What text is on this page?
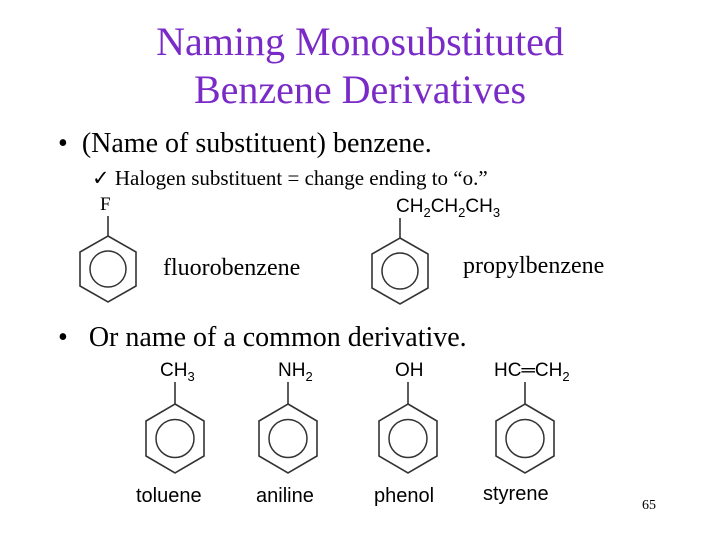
Naming Monosubstituted
Benzene Derivatives
• (Name of substituent) benzene.
✓ Halogen substituent = change ending to “o.”
F
fluorobenzene
$CH_2CH_2CH_3$
propylbenzene
• Or name of a common derivative.
$CH_3$
toluene
$NH_2$
aniline
OH
phenol
$HC═CH_2$
styrene
65
